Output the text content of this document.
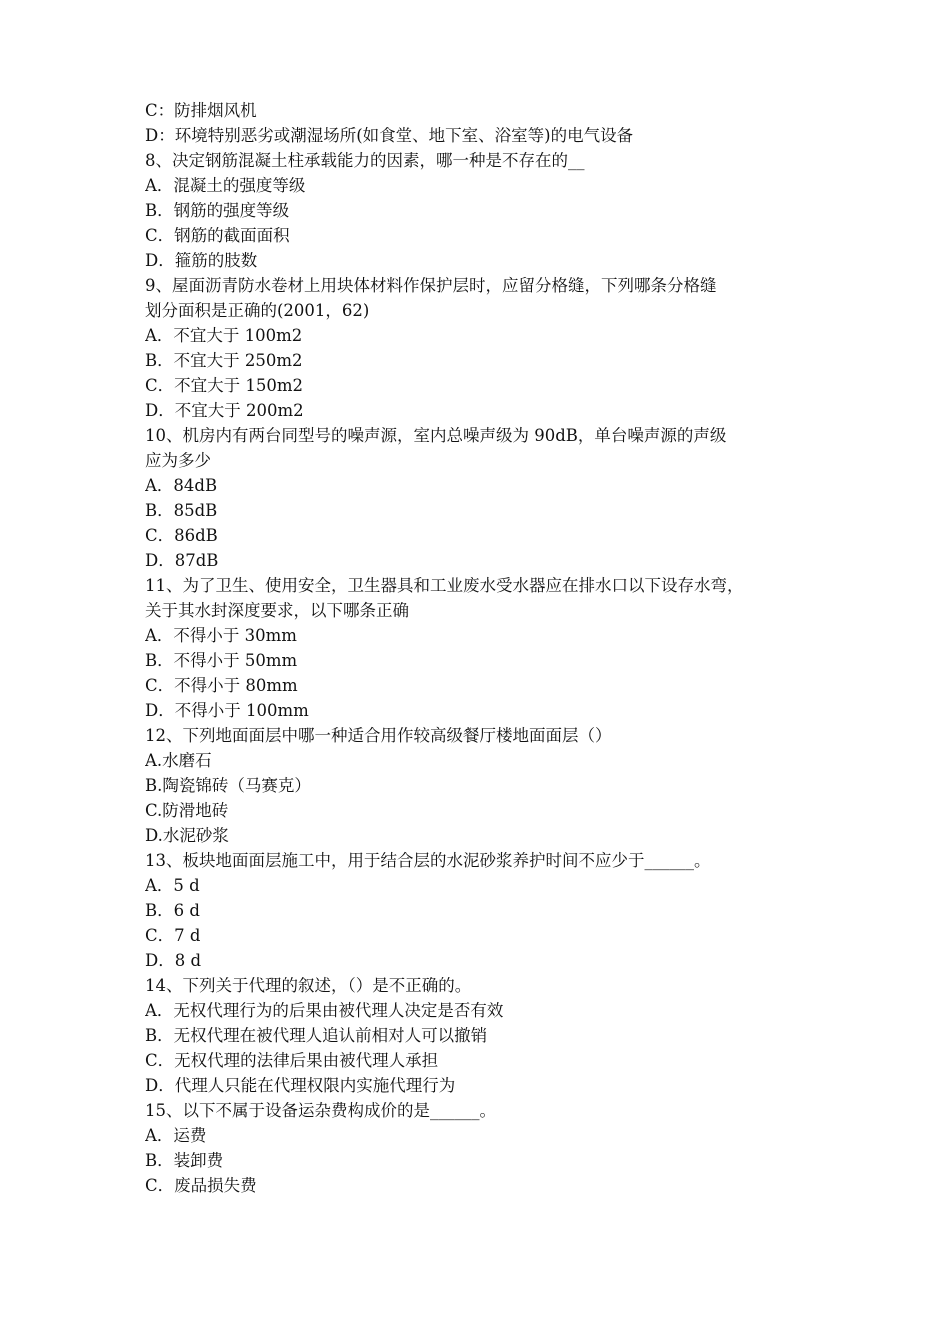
C：防排烟风机
D：环境特别恶劣或潮湿场所(如食堂、地下室、浴室等)的电气设备
8、决定钢筋混凝土柱承载能力的因素，哪一种是不存在的__
A．混凝土的强度等级
B．钢筋的强度等级
C．钢筋的截面面积
D．箍筋的肢数
9、屋面沥青防水卷材上用块体材料作保护层时，应留分格缝，下列哪条分格缝
划分面积是正确的(2001，62)
A．不宜大于 100m2
B．不宜大于 250m2
C．不宜大于 150m2
D．不宜大于 200m2
10、机房内有两台同型号的噪声源，室内总噪声级为 90dB，单台噪声源的声级
应为多少
A．84dB
B．85dB
C．86dB
D．87dB
11、为了卫生、使用安全，卫生器具和工业废水受水器应在排水口以下设存水弯，
关于其水封深度要求，以下哪条正确
A．不得小于 30mm
B．不得小于 50mm
C．不得小于 80mm
D．不得小于 100mm
12、下列地面面层中哪一种适合用作较高级餐厅楼地面面层（）
A.水磨石
B.陶瓷锦砖（马赛克）
C.防滑地砖
D.水泥砂浆
13、板块地面面层施工中，用于结合层的水泥砂浆养护时间不应少于______。
A．5 d
B．6 d
C．7 d
D．8 d
14、下列关于代理的叙述，（）是不正确的。
A．无权代理行为的后果由被代理人决定是否有效
B．无权代理在被代理人追认前相对人可以撤销
C．无权代理的法律后果由被代理人承担
D．代理人只能在代理权限内实施代理行为
15、以下不属于设备运杂费构成价的是______。
A．运费
B．装卸费
C．废品损失费
